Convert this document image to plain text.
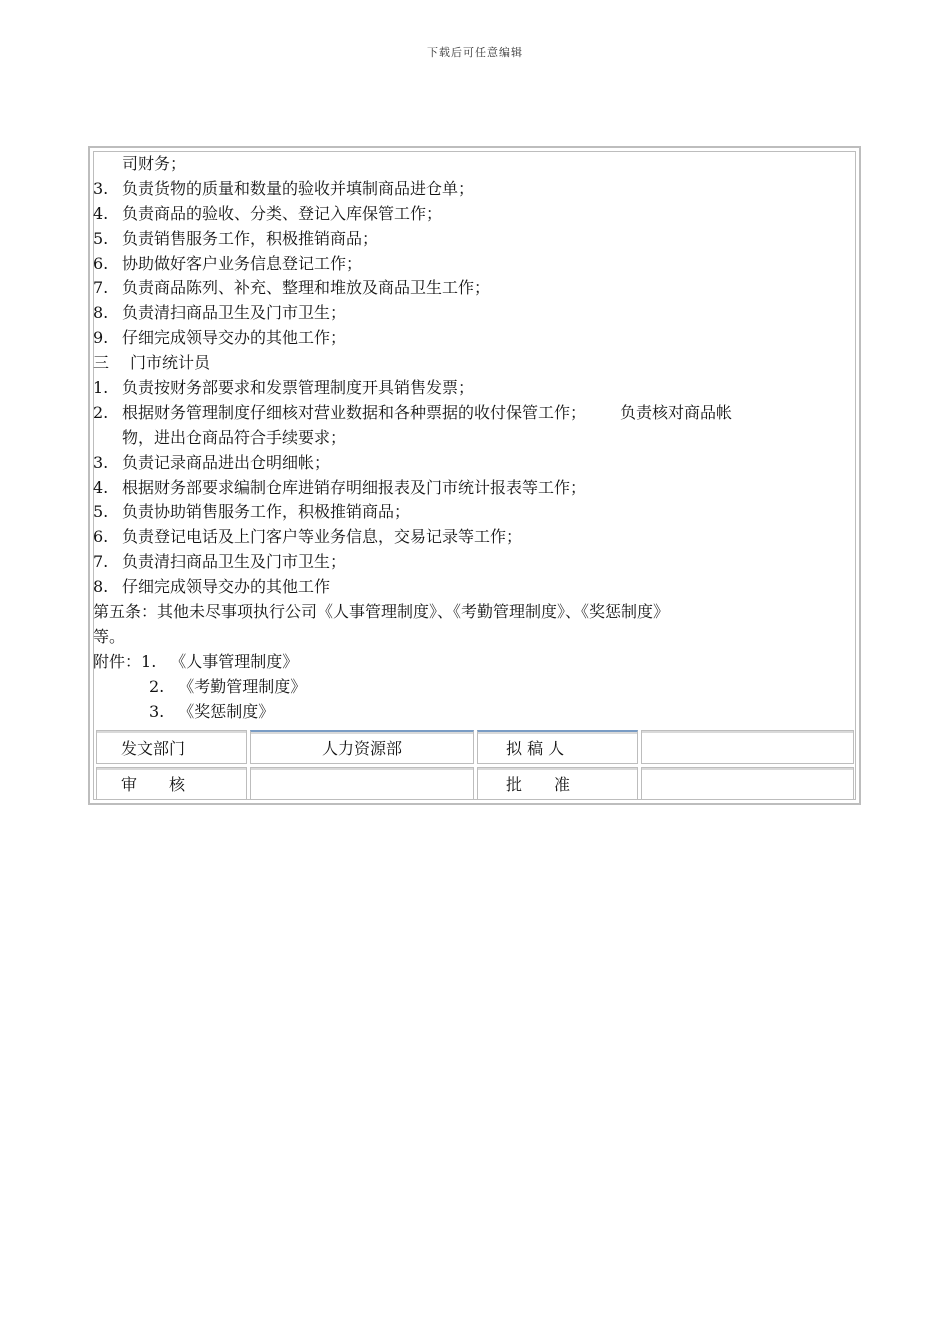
下载后可任意编辑
司财务；
3. 负责货物的质量和数量的验收并填制商品进仓单；
4. 负责商品的验收、分类、登记入库保管工作；
5. 负责销售服务工作，积极推销商品；
6. 协助做好客户业务信息登记工作；
7. 负责商品陈列、补充、整理和堆放及商品卫生工作；
8. 负责清扫商品卫生及门市卫生；
9. 仔细完成领导交办的其他工作；
三 门市统计员
1. 负责按财务部要求和发票管理制度开具销售发票；
2. 根据财务管理制度仔细核对营业数据和各种票据的收付保管工作； 负责核对商品帐
物，进出仓商品符合手续要求；
3. 负责记录商品进出仓明细帐；
4. 根据财务部要求编制仓库进销存明细报表及门市统计报表等工作；
5. 负责协助销售服务工作，积极推销商品；
6. 负责登记电话及上门客户等业务信息，交易记录等工作；
7. 负责清扫商品卫生及门市卫生；
8. 仔细完成领导交办的其他工作
第五条：其他未尽事项执行公司《人事管理制度》、《考勤管理制度》、《奖惩制度》
等。
附件：1. 《人事管理制度》
2. 《考勤管理制度》
3. 《奖惩制度》
发文部门	人力资源部	拟 稿 人	
审　　核		批　　准	
